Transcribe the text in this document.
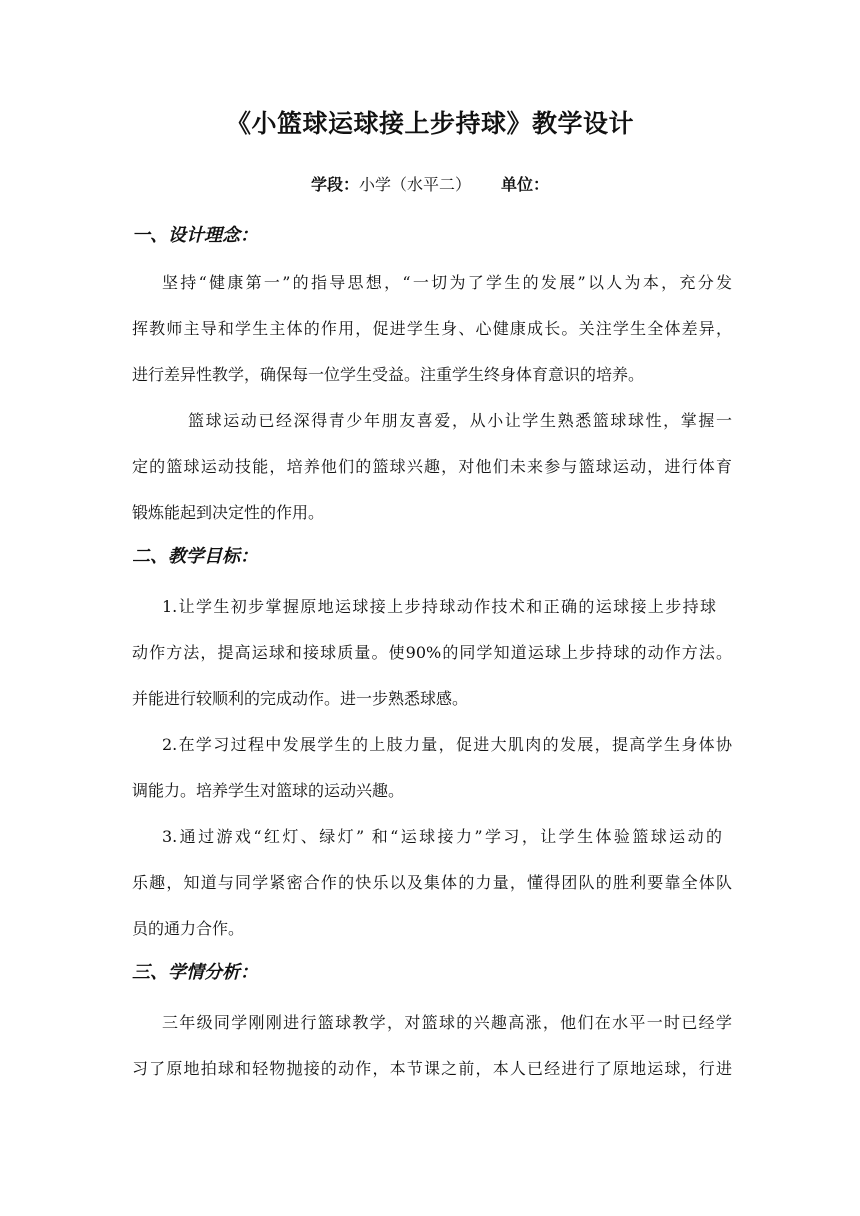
《小篮球运球接上步持球》教学设计
学段：小学（水平二） 单位：
一、设计理念：
坚持“健康第一”的指导思想，“一切为了学生的发展”以人为本，充分发
挥教师主导和学生主体的作用，促进学生身、心健康成长。关注学生全体差异，
进行差异性教学，确保每一位学生受益。注重学生终身体育意识的培养。
篮球运动已经深得青少年朋友喜爱，从小让学生熟悉篮球球性，掌握一
定的篮球运动技能，培养他们的篮球兴趣，对他们未来参与篮球运动，进行体育
锻炼能起到决定性的作用。
二、教学目标：
1.让学生初步掌握原地运球接上步持球动作技术和正确的运球接上步持球
动作方法，提高运球和接球质量。使90%的同学知道运球上步持球的动作方法。
并能进行较顺利的完成动作。进一步熟悉球感。
2.在学习过程中发展学生的上肢力量，促进大肌肉的发展，提高学生身体协
调能力。培养学生对篮球的运动兴趣。
3.通过游戏“红灯、绿灯” 和“运球接力”学习，让学生体验篮球运动的
乐趣，知道与同学紧密合作的快乐以及集体的力量，懂得团队的胜利要靠全体队
员的通力合作。
三、学情分析：
三年级同学刚刚进行篮球教学，对篮球的兴趣高涨，他们在水平一时已经学
习了原地拍球和轻物抛接的动作，本节课之前，本人已经进行了原地运球，行进
